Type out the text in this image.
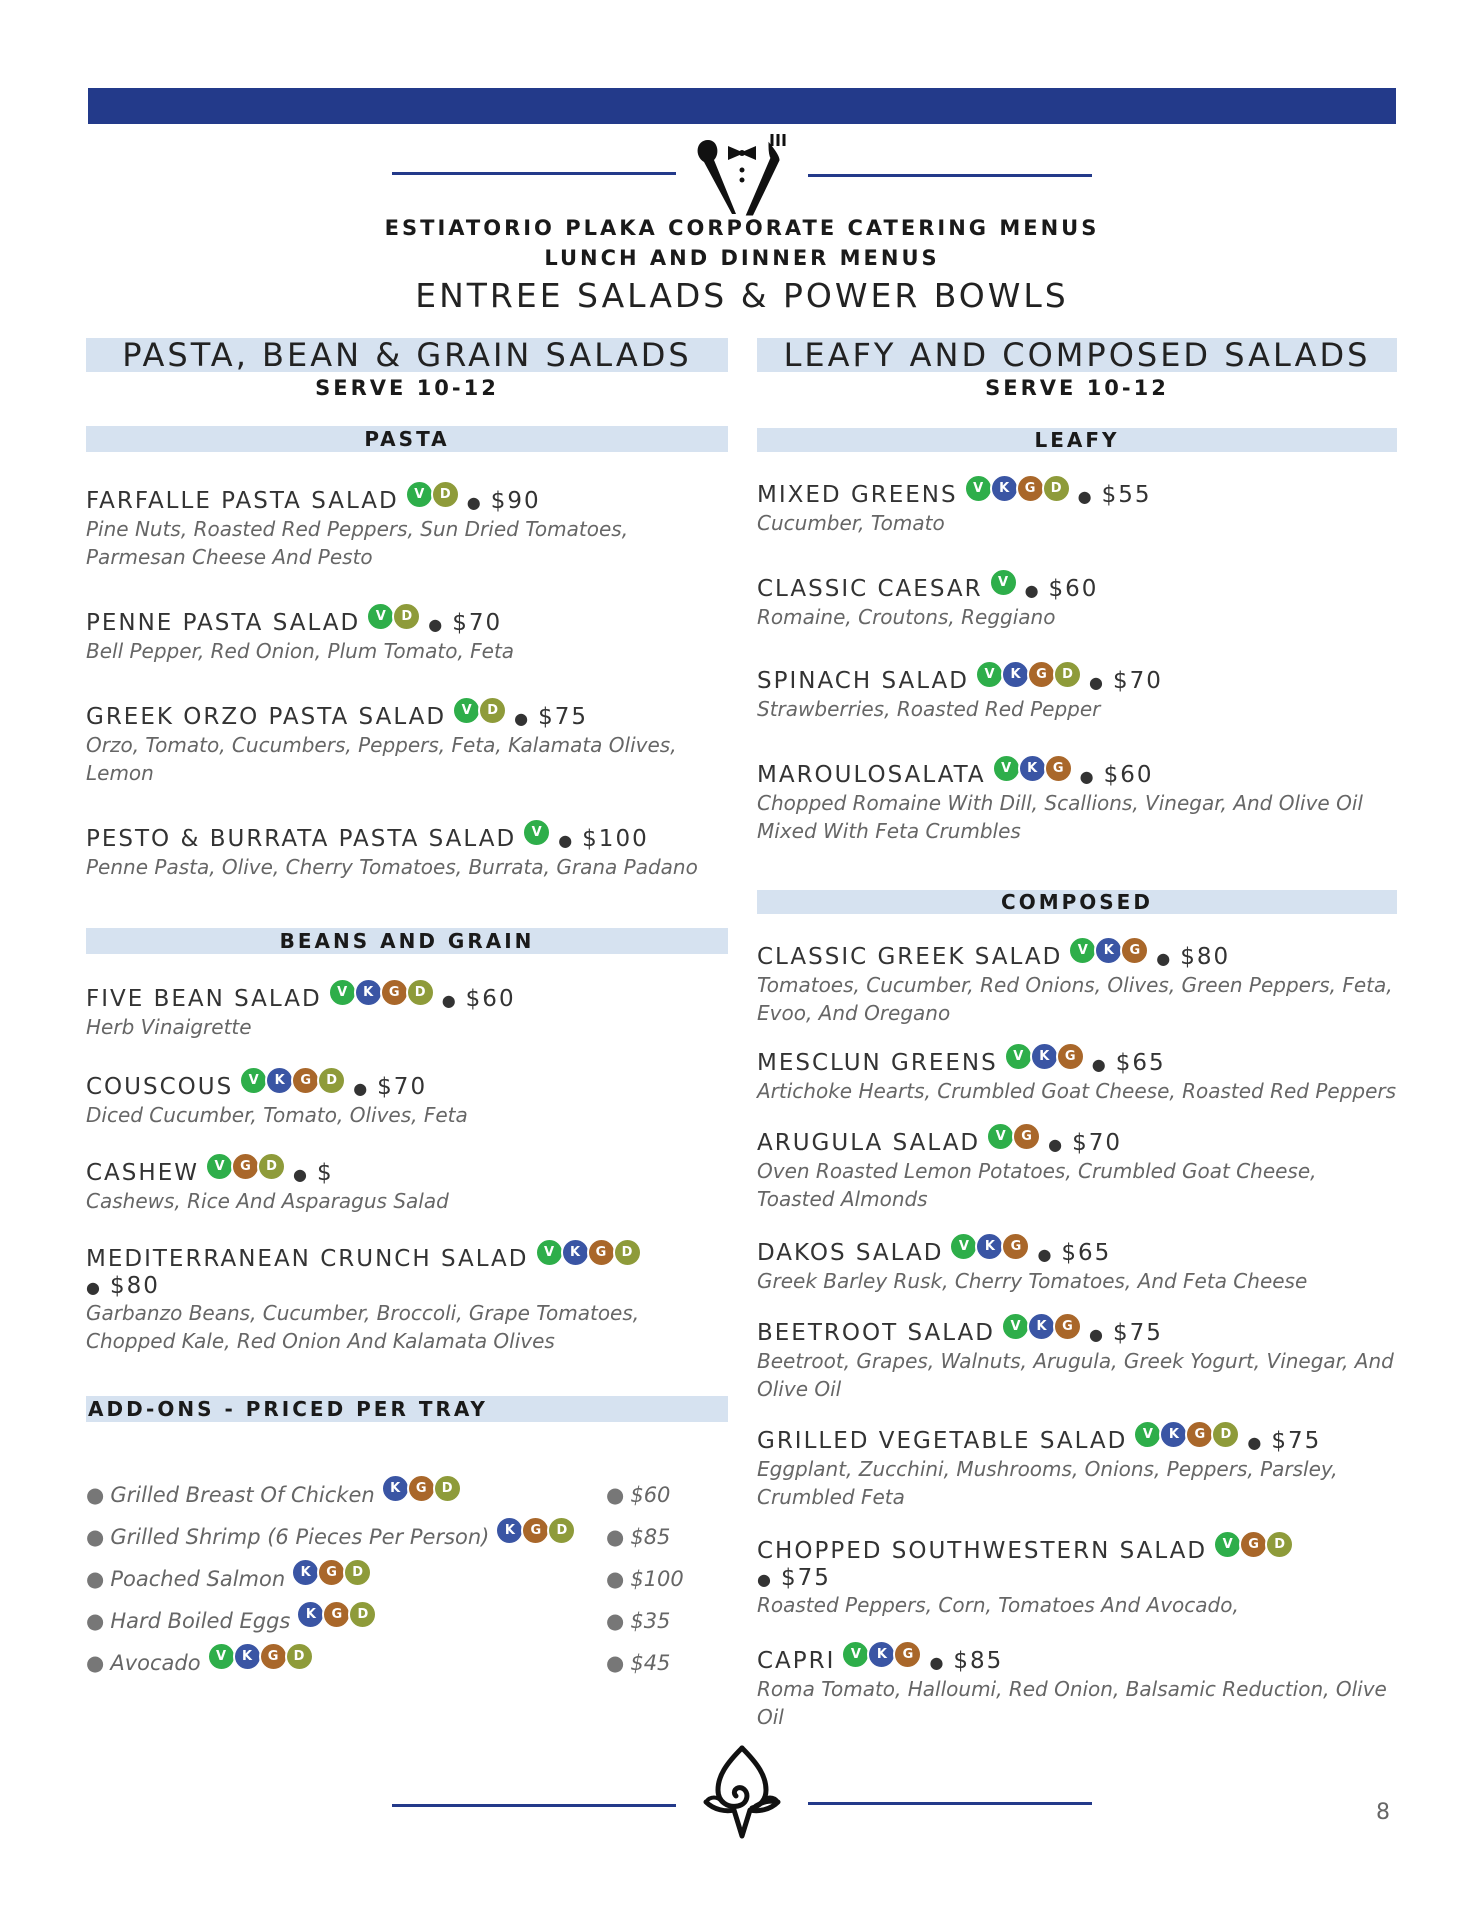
ESTIATORIO PLAKA CORPORATE CATERING MENUS
LUNCH AND DINNER MENUS
ENTREE SALADS & POWER BOWLS
PASTA, BEAN & GRAIN SALADS
SERVE 10-12
PASTA
FARFALLE PASTA SALAD	V	D	● $90
Pine Nuts, Roasted Red Peppers, Sun Dried Tomatoes, Parmesan Cheese And Pesto
PENNE PASTA SALAD	V	D	● $70
Bell Pepper, Red Onion, Plum Tomato, Feta
GREEK ORZO PASTA SALAD	V	D	● $75
Orzo, Tomato, Cucumbers, Peppers, Feta, Kalamata Olives, Lemon
PESTO & BURRATA PASTA SALAD	V	● $100
Penne Pasta, Olive, Cherry Tomatoes, Burrata, Grana Padano
BEANS AND GRAIN
FIVE BEAN SALAD	V	K	G	D	● $60
Herb Vinaigrette
COUSCOUS	V	K	G	D	● $70
Diced Cucumber, Tomato, Olives, Feta
CASHEW	V	G	D	● $
Cashews, Rice And Asparagus Salad
MEDITERRANEAN CRUNCH SALAD	V	K	G	D
● $80
Garbanzo Beans, Cucumber, Broccoli, Grape Tomatoes, Chopped Kale, Red Onion And Kalamata Olives
ADD-ONS - PRICED PER TRAY
● Grilled Breast Of Chicken	K	G	D	● $60
● Grilled Shrimp (6 Pieces Per Person)	K	G	D	● $85
● Poached Salmon	K	G	D	● $100
● Hard Boiled Eggs	K	G	D	● $35
● Avocado	V	K	G	D	● $45
LEAFY AND COMPOSED SALADS
SERVE 10-12
LEAFY
MIXED GREENS	V	K	G	D	● $55
Cucumber, Tomato
CLASSIC CAESAR	V	● $60
Romaine, Croutons, Reggiano
SPINACH SALAD	V	K	G	D	● $70
Strawberries, Roasted Red Pepper
MAROULOSALATA	V	K	G	● $60
Chopped Romaine With Dill, Scallions, Vinegar, And Olive Oil Mixed With Feta Crumbles
COMPOSED
CLASSIC GREEK SALAD	V	K	G	● $80
Tomatoes, Cucumber, Red Onions, Olives, Green Peppers, Feta, Evoo, And Oregano
MESCLUN GREENS	V	K	G	● $65
Artichoke Hearts, Crumbled Goat Cheese, Roasted Red Peppers
ARUGULA SALAD	V	G	● $70
Oven Roasted Lemon Potatoes, Crumbled Goat Cheese, Toasted Almonds
DAKOS SALAD	V	K	G	● $65
Greek Barley Rusk, Cherry Tomatoes, And Feta Cheese
BEETROOT SALAD	V	K	G	● $75
Beetroot, Grapes, Walnuts, Arugula, Greek Yogurt, Vinegar, And Olive Oil
GRILLED VEGETABLE SALAD	V	K	G	D	● $75
Eggplant, Zucchini, Mushrooms, Onions, Peppers, Parsley, Crumbled Feta
CHOPPED SOUTHWESTERN SALAD	V	G	D
● $75
Roasted Peppers, Corn, Tomatoes And Avocado,
CAPRI	V	K	G	● $85
Roma Tomato, Halloumi, Red Onion, Balsamic Reduction, Olive Oil
8
